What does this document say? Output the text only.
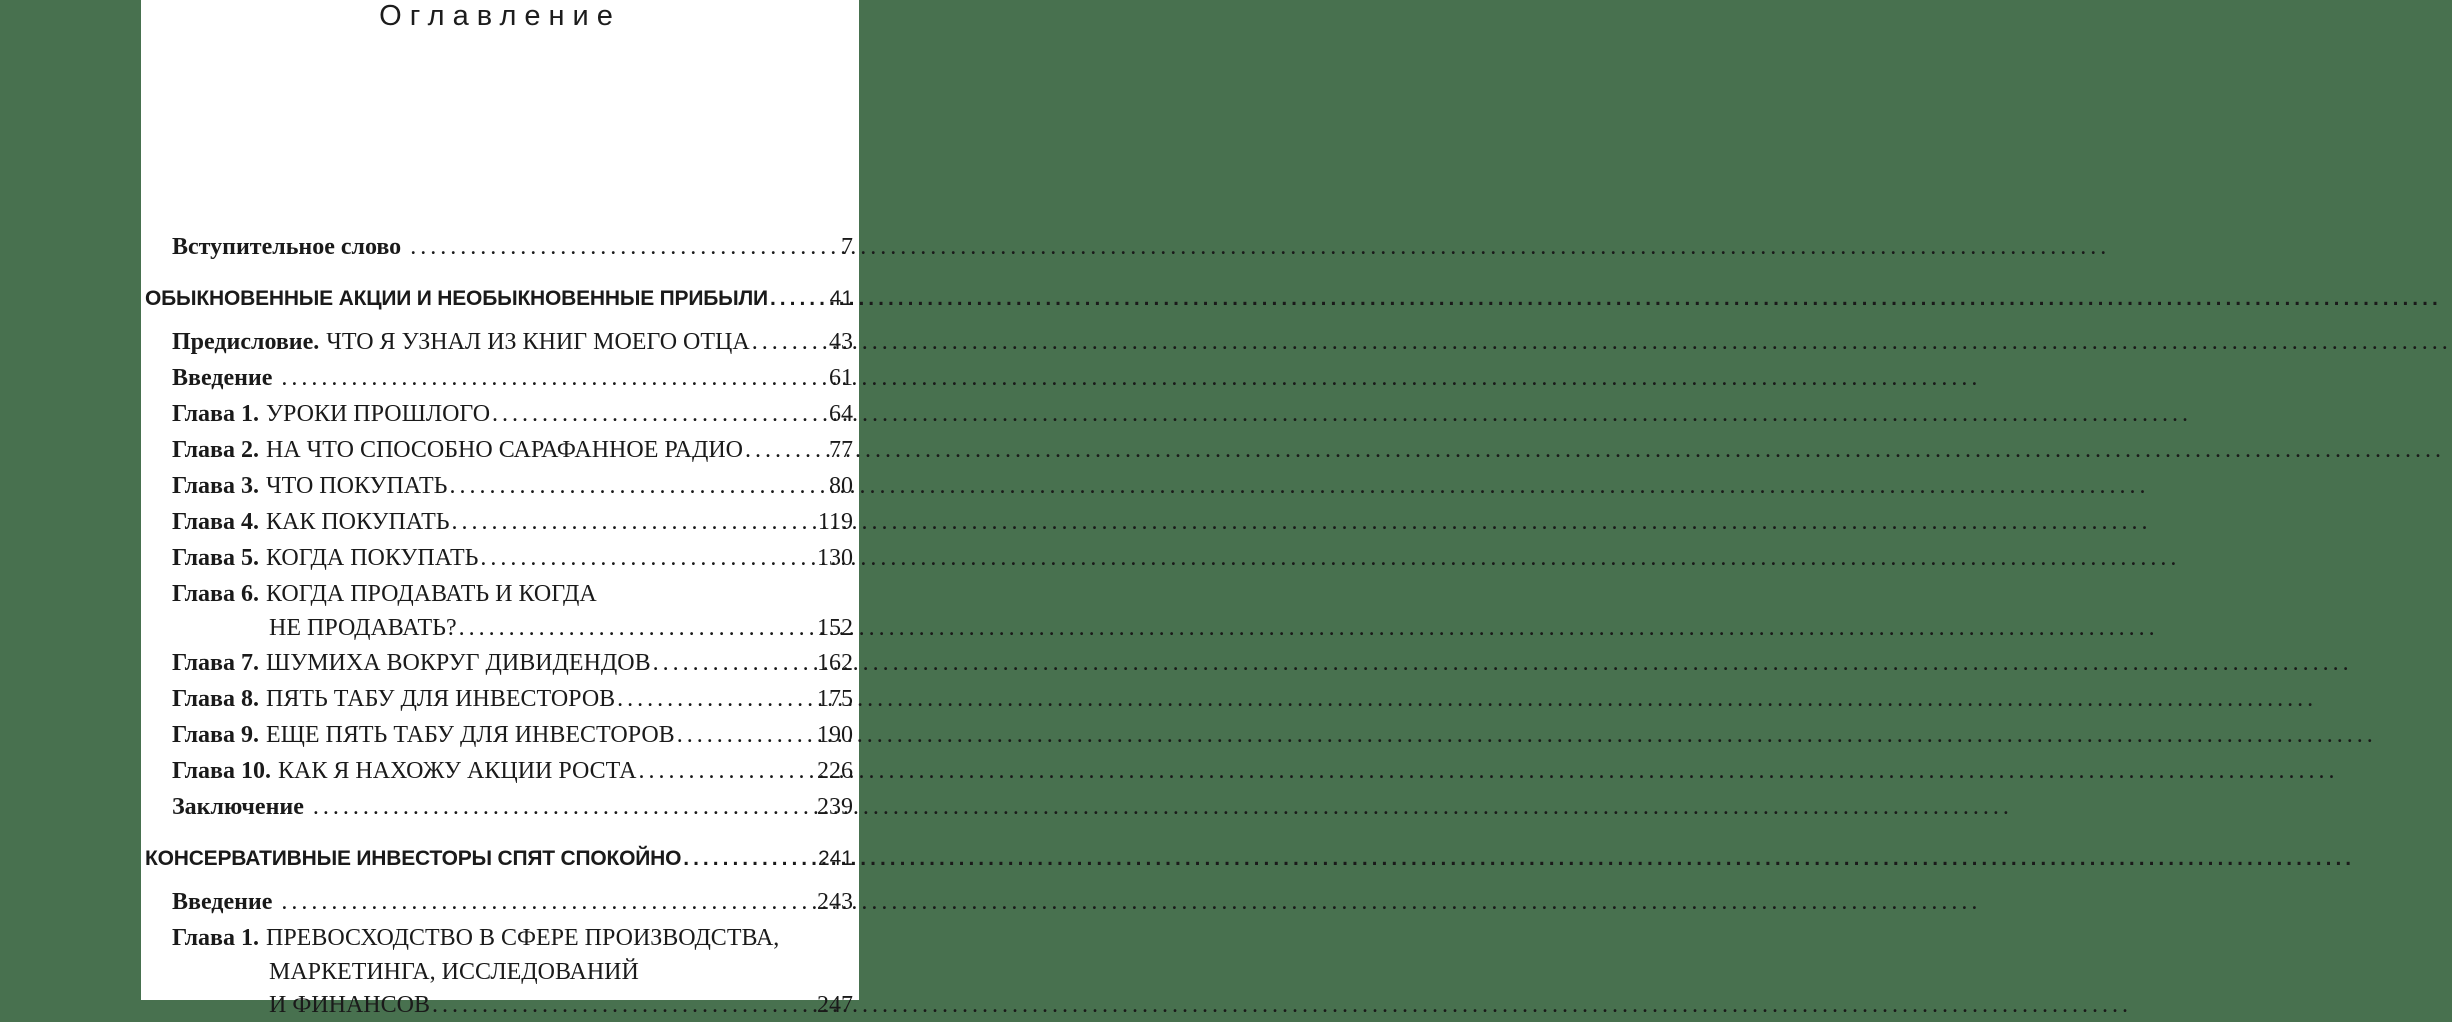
Оглавление
Вступительное слово .....	7
ОБЫКНОВЕННЫЕ АКЦИИ И НЕОБЫКНОВЕННЫЕ ПРИБЫЛИ .....	41
Предисловие. ЧТО Я УЗНАЛ ИЗ КНИГ МОЕГО ОТЦА .....	43
Введение .....	61
Глава 1. УРОКИ ПРОШЛОГО .....	64
Глава 2. НА ЧТО СПОСОБНО САРАФАННОЕ РАДИО .....	77
Глава 3. ЧТО ПОКУПАТЬ .....	80
Глава 4. КАК ПОКУПАТЬ .....	119
Глава 5. КОГДА ПОКУПАТЬ .....	130
Глава 6. КОГДА ПРОДАВАТЬ И КОГДА
НЕ ПРОДАВАТЬ? .....	152
Глава 7. ШУМИХА ВОКРУГ ДИВИДЕНДОВ .....	162
Глава 8. ПЯТЬ ТАБУ ДЛЯ ИНВЕСТОРОВ .....	175
Глава 9. ЕЩЕ ПЯТЬ ТАБУ ДЛЯ ИНВЕСТОРОВ .....	190
Глава 10. КАК Я НАХОЖУ АКЦИИ РОСТА .....	226
Заключение .....	239
КОНСЕРВАТИВНЫЕ ИНВЕСТОРЫ СПЯТ СПОКОЙНО .....	241
Введение .....	243
Глава 1. ПРЕВОСХОДСТВО В СФЕРЕ ПРОИЗВОДСТВА,
МАРКЕТИНГА, ИССЛЕДОВАНИЙ
И ФИНАНСОВ .....	247
